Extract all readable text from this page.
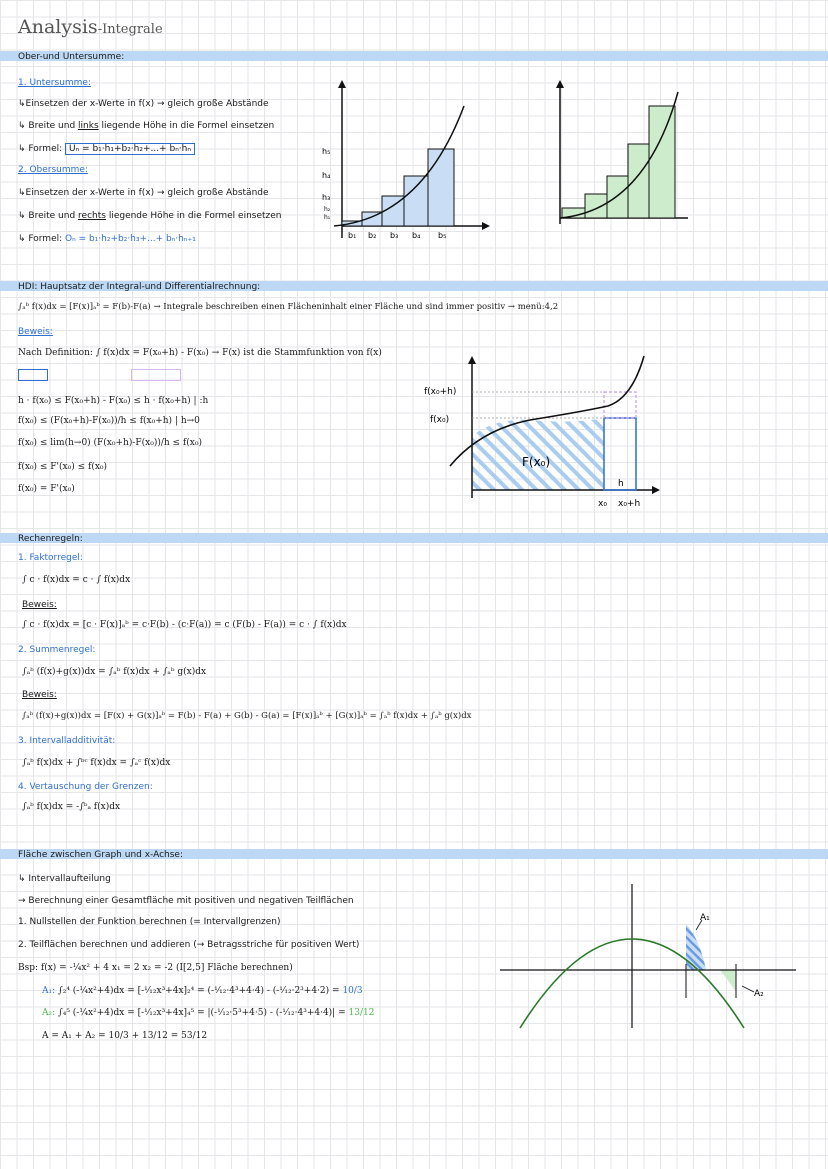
Analysis-Integrale
Ober-und Untersumme:
1. Untersumme:
↳Einsetzen der x-Werte in f(x) → gleich große Abstände
↳ Breite und links liegende Höhe in die Formel einsetzen
↳ Formel: Uₙ = b₁·h₁+b₂·h₂+...+ bₙ·hₙ
2. Obersumme:
↳Einsetzen der x-Werte in f(x) → gleich große Abstände
↳ Breite und rechts liegende Höhe in die Formel einsetzen
↳ Formel: Oₙ = b₁·h₂+b₂·h₃+...+ bₙ·hₙ₊₁
h₅
h₄
h₃
h₂
h₁
b₁ b₂ b₃ b₄ b₅
HDI: Hauptsatz der Integral-und Differentialrechnung:
∫ₐᵇ f(x)dx = [F(x)]ₐᵇ = F(b)-F(a) → Integrale beschreiben einen Flächeninhalt einer Fläche und sind immer positiv → menü:4,2
Beweis:
Nach Definition: ∫ f(x)dx = F(x₀+h) - F(x₀) → F(x) ist die Stammfunktion von f(x)
h · f(x₀) ≤ F(x₀+h) - F(x₀) ≤ h · f(x₀+h) | :h
f(x₀) ≤ (F(x₀+h)-F(x₀))/h ≤ f(x₀+h) | h→0
f(x₀) ≤ lim(h→0) (F(x₀+h)-F(x₀))/h ≤ f(x₀)
f(x₀) ≤ F'(x₀) ≤ f(x₀)
f(x₀) = F'(x₀)
f(x₀+h)
f(x₀)
F(x₀)
h
x₀ x₀+h
Rechenregeln:
1. Faktorregel:
∫ c · f(x)dx = c · ∫ f(x)dx
Beweis:
∫ c · f(x)dx = [c · F(x)]ₐᵇ = c·F(b) - (c·F(a)) = c (F(b) - F(a)) = c · ∫ f(x)dx
2. Summenregel:
∫ₐᵇ (f(x)+g(x))dx = ∫ₐᵇ f(x)dx + ∫ₐᵇ g(x)dx
Beweis:
∫ₐᵇ (f(x)+g(x))dx = [F(x) + G(x)]ₐᵇ = F(b) - F(a) + G(b) - G(a) = [F(x)]ₐᵇ + [G(x)]ₐᵇ = ∫ₐᵇ f(x)dx + ∫ₐᵇ g(x)dx
3. Intervalladditivität:
∫ₐᵇ f(x)dx + ∫ᵇᶜ f(x)dx = ∫ₐᶜ f(x)dx
4. Vertauschung der Grenzen:
∫ₐᵇ f(x)dx = -∫ᵇₐ f(x)dx
Fläche zwischen Graph und x-Achse:
↳ Intervallaufteilung
→ Berechnung einer Gesamtfläche mit positiven und negativen Teilflächen
1. Nullstellen der Funktion berechnen (= Intervallgrenzen)
2. Teilflächen berechnen und addieren (→ Betragsstriche für positiven Wert)
Bsp: f(x) = -¼x² + 4 x₁ = 2 x₂ = -2 (I[2,5] Fläche berechnen)
A₁: ∫₂⁴ (-¼x²+4)dx = [-¹⁄₁₂x³+4x]₂⁴ = (-¹⁄₁₂·4³+4·4) - (-¹⁄₁₂·2³+4·2) = 10/3
A₂: ∫₄⁵ (-¼x²+4)dx = [-¹⁄₁₂x³+4x]₄⁵ = |(-¹⁄₁₂·5³+4·5) - (-¹⁄₁₂·4³+4·4)| = 13/12
A = A₁ + A₂ = 10/3 + 13/12 = 53/12
A₁
A₂
